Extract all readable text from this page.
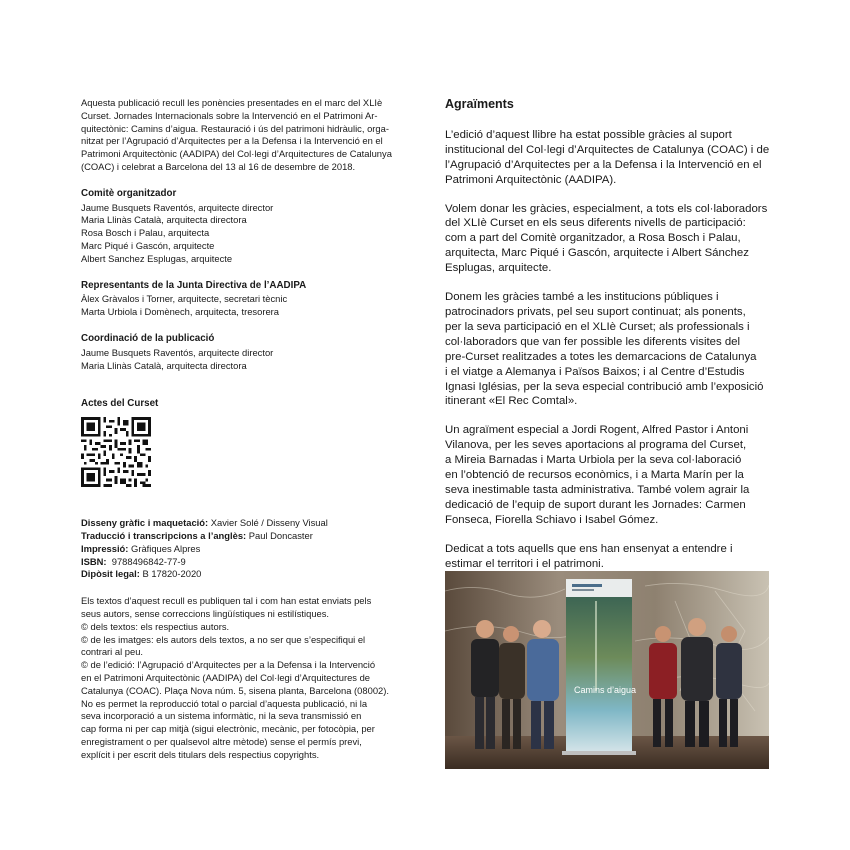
Aquesta publicació recull les ponències presentades en el marc del XLIè
Curset. Jornades Internacionals sobre la Intervenció en el Patrimoni Ar-
quitectònic: Camins d’aigua. Restauració i ús del patrimoni hidràulic, orga-
nitzat per l’Agrupació d’Arquitectes per a la Defensa i la Intervenció en el
Patrimoni Arquitectònic (AADIPA) del Col·legi d’Arquitectures de Catalunya
(COAC) i celebrat a Barcelona del 13 al 16 de desembre de 2018.
Comitè organitzador
Jaume Busquets Raventós, arquitecte director
Maria Llinàs Català, arquitecta directora
Rosa Bosch i Palau, arquitecta
Marc Piqué i Gascón, arquitecte
Albert Sanchez Esplugas, arquitecte
Representants de la Junta Directiva de l’AADIPA
Àlex Gràvalos i Torner, arquitecte, secretari tècnic
Marta Urbiola i Domènech, arquitecta, tresorera
Coordinació de la publicació
Jaume Busquets Raventós, arquitecte director
Maria Llinàs Català, arquitecta directora
Actes del Curset
Disseny gràfic i maquetació: Xavier Solé / Disseny Visual
Traducció i transcripcions a l’anglès: Paul Doncaster
Impressió: Gràfiques Alpres
ISBN:  9788496842-77-9
Dipòsit legal: B 17820-2020
Els textos d’aquest recull es publiquen tal i com han estat enviats pels
seus autors, sense correccions lingüístiques ni estilístiques.
© dels textos: els respectius autors.
© de les imatges: els autors dels textos, a no ser que s’especifiqui el
contrari al peu.
© de l’edició: l’Agrupació d’Arquitectes per a la Defensa i la Intervenció
en el Patrimoni Arquitectònic (AADIPA) del Col·legi d’Arquitectures de
Catalunya (COAC). Plaça Nova núm. 5, sisena planta, Barcelona (08002).
No es permet la reproducció total o parcial d’aquesta publicació, ni la
seva incorporació a un sistema informàtic, ni la seva transmissió en
cap forma ni per cap mitjà (sigui electrònic, mecànic, per fotocòpia, per
enregistrament o per qualsevol altre mètode) sense el permís previ,
explícit i per escrit dels titulars dels respectius copyrights.
Agraïments
L’edició d’aquest llibre ha estat possible gràcies al suport
institucional del Col·legi d’Arquitectes de Catalunya (COAC) i de
l’Agrupació d’Arquitectes per a la Defensa i la Intervenció en el
Patrimoni Arquitectònic (AADIPA).
Volem donar les gràcies, especialment, a tots els col·laboradors
del XLIè Curset en els seus diferents nivells de participació:
com a part del Comitè organitzador, a Rosa Bosch i Palau,
arquitecta, Marc Piqué i Gascón, arquitecte i Albert Sánchez
Esplugas, arquitecte.
Donem les gràcies també a les institucions públiques i
patrocinadors privats, pel seu suport continuat; als ponents,
per la seva participació en el XLIè Curset; als professionals i
col·laboradors que van fer possible les diferents visites del
pre-Curset realitzades a totes les demarcacions de Catalunya
i el viatge a Alemanya i Països Baixos; i al Centre d’Estudis
Ignasi Iglésias, per la seva especial contribució amb l’exposició
itinerant «El Rec Comtal».
Un agraïment especial a Jordi Rogent, Alfred Pastor i Antoni
Vilanova, per les seves aportacions al programa del Curset,
a Mireia Barnadas i Marta Urbiola per la seva col·laboració
en l’obtenció de recursos econòmics, i a Marta Marín per la
seva inestimable tasta administrativa. També volem agrair la
dedicació de l’equip de suport durant les Jornades: Carmen
Fonseca, Fiorella Schiavo i Isabel Gómez.
Dedicat a tots aquells que ens han ensenyat a entendre i
estimar el territori i el patrimoni.
Camins d’aigua
